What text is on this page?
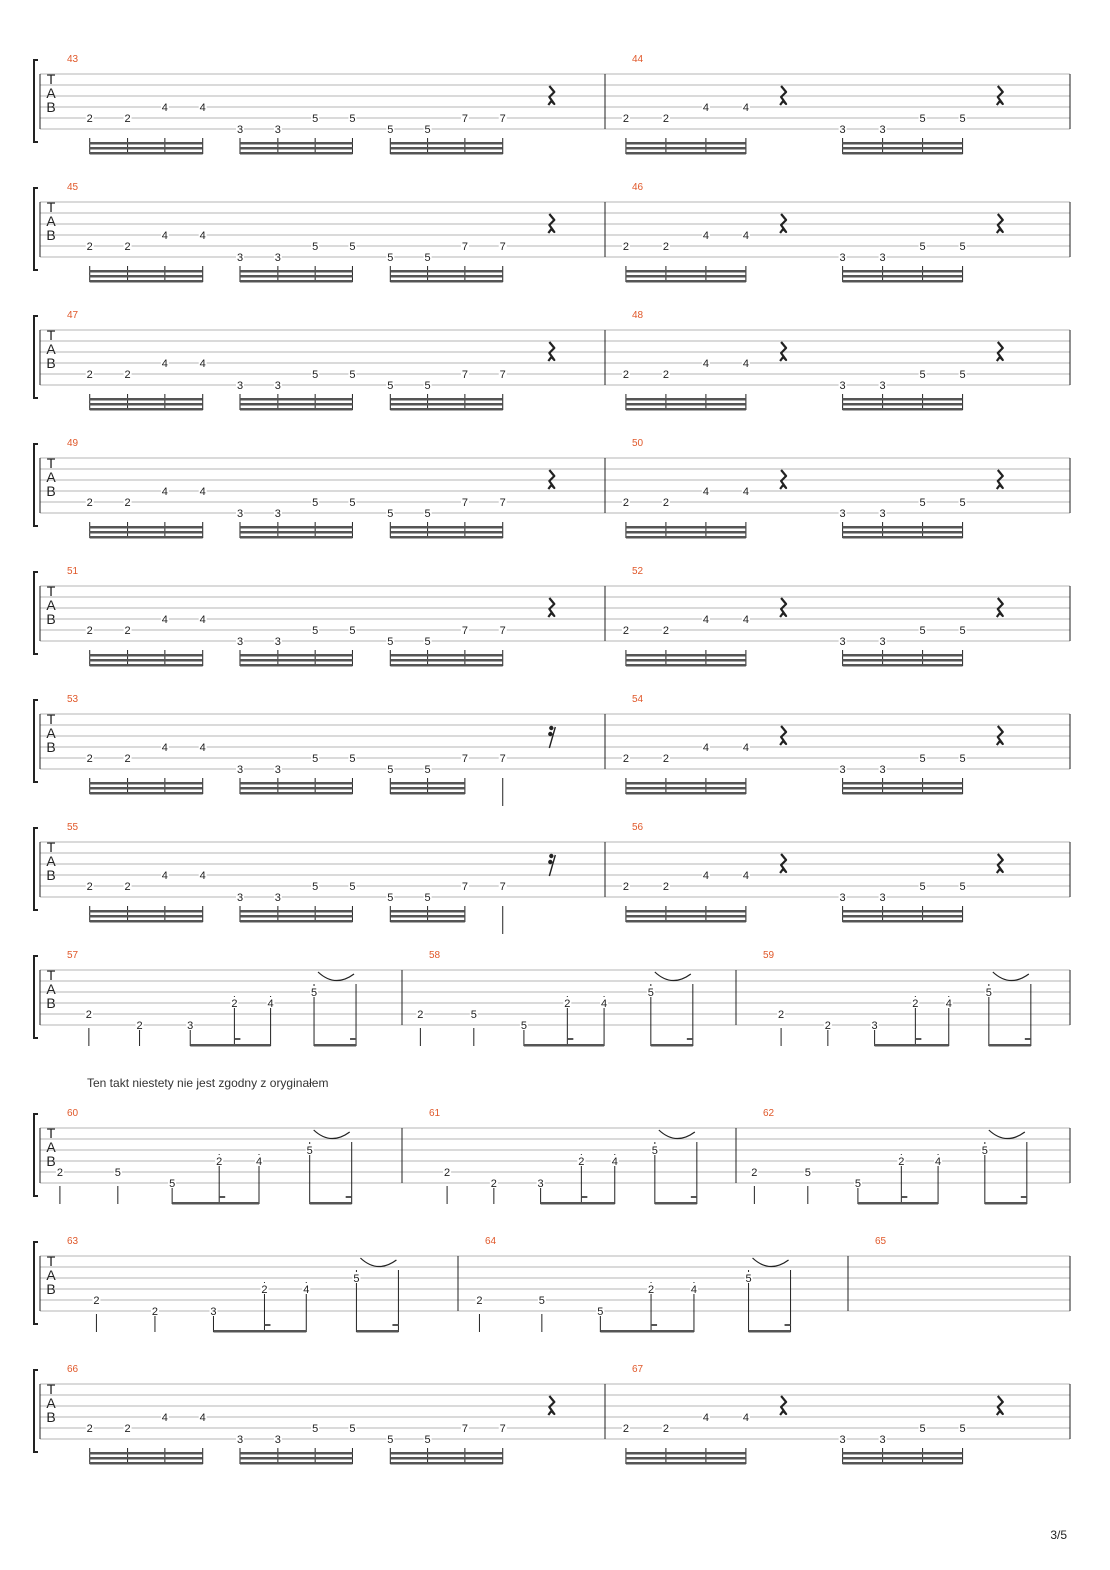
T
A
B
43
2	2
4	4
3	3
5	5
5	5
7	7
44
2	2
4	4
3	3
5	5
T
A
B
45
2	2
4	4
3	3
5	5
5	5
7	7
46
2	2
4	4
3	3
5	5
T
A
B
47
2	2
4	4
3	3
5	5
5	5
7	7
48
2	2
4	4
3	3
5	5
T
A
B
49
2	2
4	4
3	3
5	5
5	5
7	7
50
2	2
4	4
3	3
5	5
T
A
B
51
2	2
4	4
3	3
5	5
5	5
7	7
52
2	2
4	4
3	3
5	5
T
A
B
53
2	2
4	4
3	3
5	5
5	5
7	7
54
2	2
4	4
3	3
5	5
T
A
B
55
2	2
4	4
3	3
5	5
5	5
7	7
56
2	2
4	4
3	3
5	5
T
A
B
57
2
2	3
2	4
5
58
2	5
5
2	4
5
59
2
2	3
2 4
5
T
A
B
60
2	5
5
2	4
5
61
2
2	3
2 4
5
62
2	5
5
2	4
5
T
A
B
63
2
2	3
2	4
5
64
2	5
5
2	4
5
65
T
A
B
66
2	2
4	4
3	3
5	5
5	5
7	7
67
2	2
4	4
3	3
5	5
Ten takt niestety nie jest zgodny z oryginałem
3/5
